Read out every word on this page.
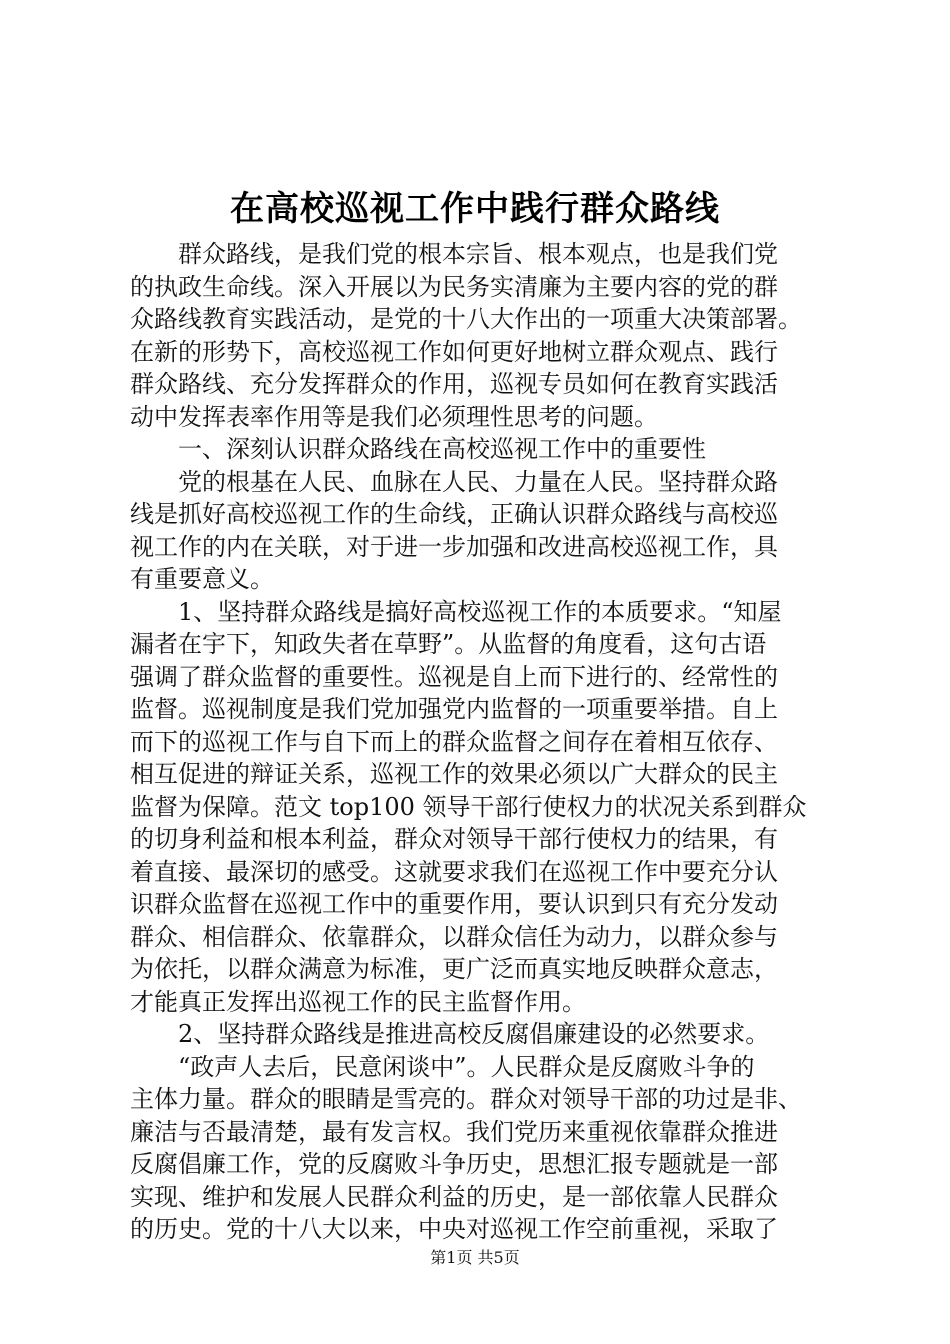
在高校巡视工作中践行群众路线
　　群众路线，是我们党的根本宗旨、根本观点，也是我们党
的执政生命线。深入开展以为民务实清廉为主要内容的党的群
众路线教育实践活动，是党的十八大作出的一项重大决策部署。
在新的形势下，高校巡视工作如何更好地树立群众观点、践行
群众路线、充分发挥群众的作用，巡视专员如何在教育实践活
动中发挥表率作用等是我们必须理性思考的问题。
　　一、深刻认识群众路线在高校巡视工作中的重要性
　　党的根基在人民、血脉在人民、力量在人民。坚持群众路
线是抓好高校巡视工作的生命线，正确认识群众路线与高校巡
视工作的内在关联，对于进一步加强和改进高校巡视工作，具
有重要意义。
　　1、坚持群众路线是搞好高校巡视工作的本质要求。“知屋
漏者在宇下，知政失者在草野”。从监督的角度看，这句古语
强调了群众监督的重要性。巡视是自上而下进行的、经常性的
监督。巡视制度是我们党加强党内监督的一项重要举措。自上
而下的巡视工作与自下而上的群众监督之间存在着相互依存、
相互促进的辩证关系，巡视工作的效果必须以广大群众的民主
监督为保障。范文 top100 领导干部行使权力的状况关系到群众
的切身利益和根本利益，群众对领导干部行使权力的结果，有
着直接、最深切的感受。这就要求我们在巡视工作中要充分认
识群众监督在巡视工作中的重要作用，要认识到只有充分发动
群众、相信群众、依靠群众，以群众信任为动力，以群众参与
为依托，以群众满意为标准，更广泛而真实地反映群众意志，
才能真正发挥出巡视工作的民主监督作用。
　　2、坚持群众路线是推进高校反腐倡廉建设的必然要求。
　　“政声人去后，民意闲谈中”。人民群众是反腐败斗争的
主体力量。群众的眼睛是雪亮的。群众对领导干部的功过是非、
廉洁与否最清楚，最有发言权。我们党历来重视依靠群众推进
反腐倡廉工作，党的反腐败斗争历史，思想汇报专题就是一部
实现、维护和发展人民群众利益的历史，是一部依靠人民群众
的历史。党的十八大以来，中央对巡视工作空前重视，采取了
第1页 共5页
